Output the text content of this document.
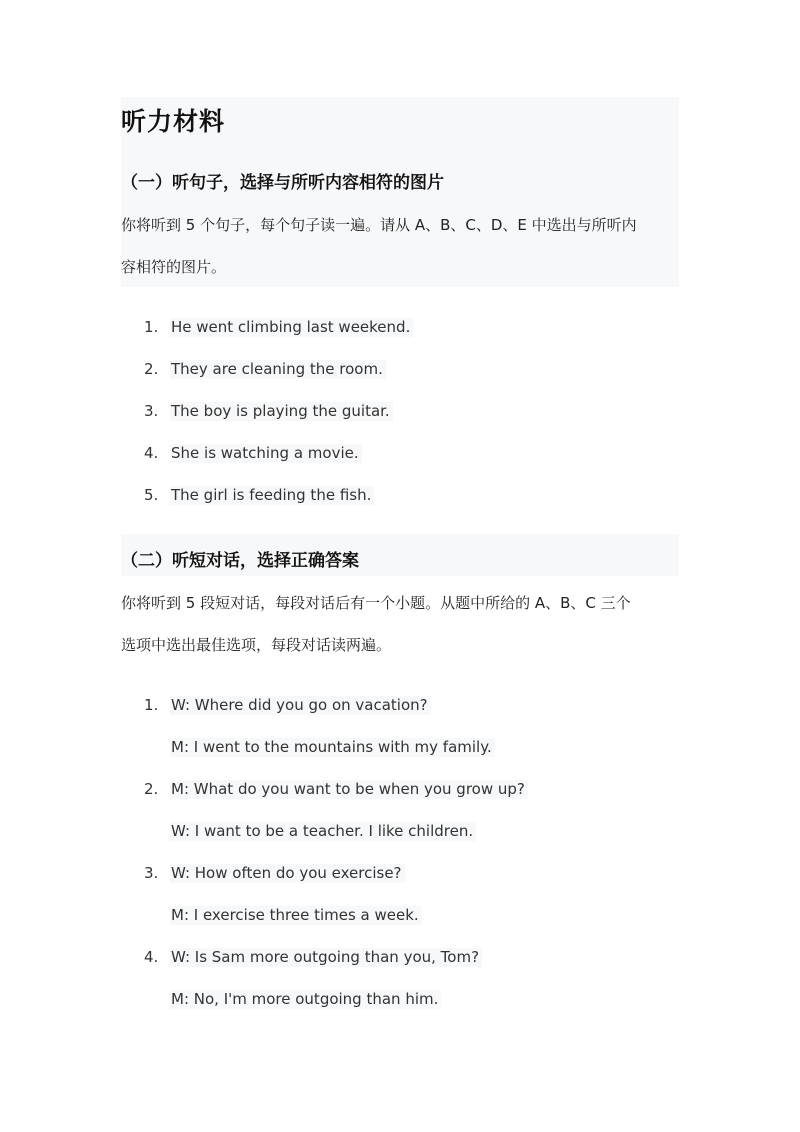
听力材料
（一）听句子，选择与所听内容相符的图片
你将听到 5 个句子，每个句子读一遍。请从 A、B、C、D、E 中选出与所听内
容相符的图片。
1. He went climbing last weekend.
2. They are cleaning the room.
3. The boy is playing the guitar.
4. She is watching a movie.
5. The girl is feeding the fish.
（二）听短对话，选择正确答案
你将听到 5 段短对话，每段对话后有一个小题。从题中所给的 A、B、C 三个
选项中选出最佳选项，每段对话读两遍。
1. W: Where did you go on vacation?
M: I went to the mountains with my family.
2. M: What do you want to be when you grow up?
W: I want to be a teacher. I like children.
3. W: How often do you exercise?
M: I exercise three times a week.
4. W: Is Sam more outgoing than you, Tom?
M: No, I'm more outgoing than him.
